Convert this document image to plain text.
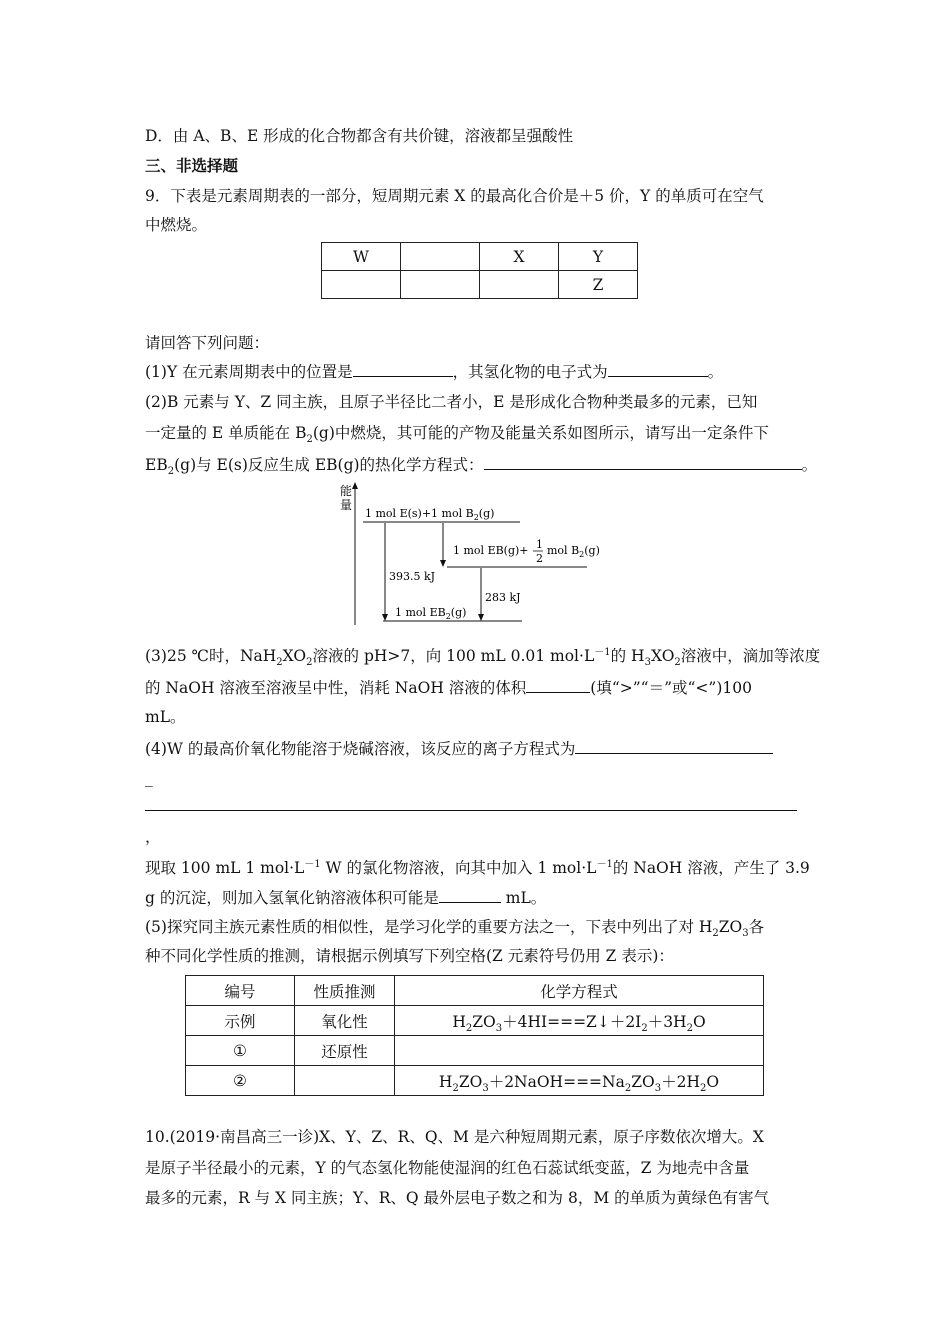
D．由 A、B、E 形成的化合物都含有共价键，溶液都呈强酸性
三、非选择题
9．下表是元素周期表的一部分，短周期元素 X 的最高化合价是＋5 价，Y 的单质可在空气
中燃烧。
W		X	Y
			Z
请回答下列问题：
(1)Y 在元素周期表中的位置是	，其氢化物的电子式为	。
(2)B 元素与 Y、Z 同主族，且原子半径比二者小，E 是形成化合物种类最多的元素，已知
一定量的 E 单质能在 $B_2(g)$中燃烧，其可能的产物及能量关系如图所示，请写出一定条件下
$EB_2(g)$与 E(s)反应生成 EB(g)的热化学方程式：	。
能
量
1 mol E(s)+1 mol $B_2(g)$
1 mol EB(g)+ 1
2
mol $B_2(g)$
1 mol $EB_2(g)$
393.5 kJ
283 kJ
(3)25 ℃时，$NaH_2XO_2$溶液的 pH>7，向 100 mL 0.01 $mol\cdot L^{-1}$的 $H_3XO_2$溶液中，滴加等浓度
的 NaOH 溶液至溶液呈中性，消耗 NaOH 溶液的体积	(填“>”“＝”或“<”)100
mL。
(4)W 的最高价氧化物能溶于烧碱溶液，该反应的离子方程式为
_
，
现取 100 mL 1 $mol\cdot L^{-1}$ W 的氯化物溶液，向其中加入 1 $mol\cdot L^{-1}$的 NaOH 溶液，产生了 3.9
g 的沉淀，则加入氢氧化钠溶液体积可能是	mL。
(5)探究同主族元素性质的相似性，是学习化学的重要方法之一，下表中列出了对 $H_2ZO_3$各
种不同化学性质的推测，请根据示例填写下列空格(Z 元素符号仍用 Z 表示)：
编号	性质推测	化学方程式
示例	氧化性	$H_2ZO_3+4HI===Z↓+2I_2+3H_2O$
①	还原性	
②		$H_2ZO_3+2NaOH===Na_2ZO_3+2H_2O$
10.(2019·南昌高三一诊)X、Y、Z、R、Q、M 是六种短周期元素，原子序数依次增大。X
是原子半径最小的元素，Y 的气态氢化物能使湿润的红色石蕊试纸变蓝，Z 为地壳中含量
最多的元素，R 与 X 同主族；Y、R、Q 最外层电子数之和为 8，M 的单质为黄绿色有害气
